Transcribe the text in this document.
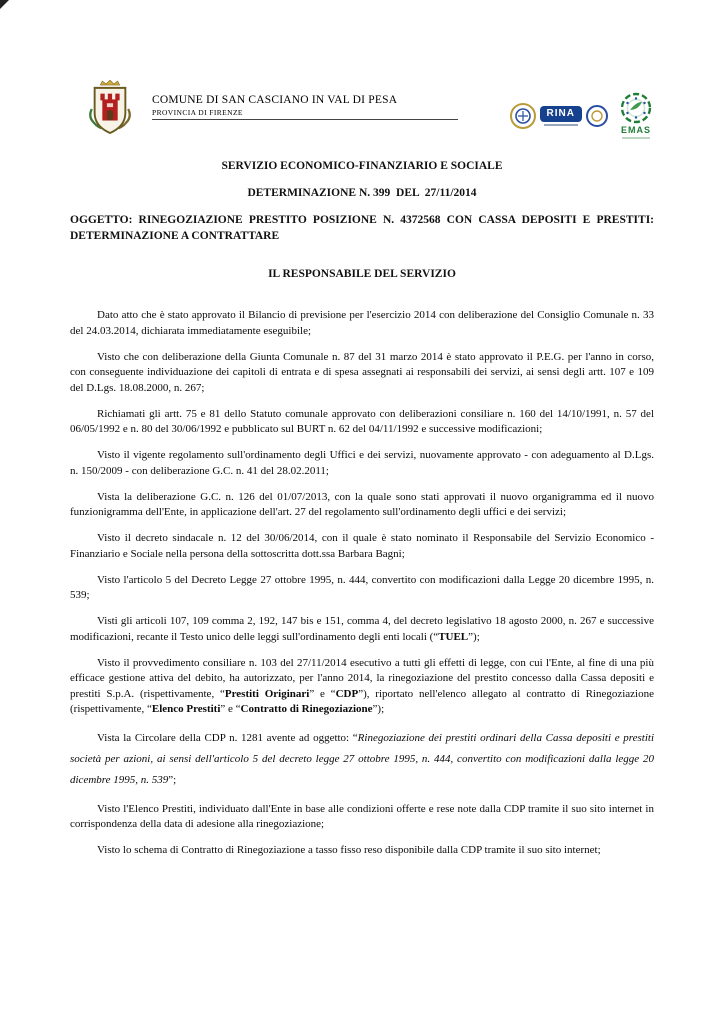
COMUNE DI SAN CASCIANO IN VAL DI PESA
PROVINCIA DI FIRENZE	RINA
EMAS

SERVIZIO ECONOMICO-FINANZIARIO E SOCIALE

DETERMINAZIONE N. 399  DEL  27/11/2014

OGGETTO: RINEGOZIAZIONE PRESTITO POSIZIONE N. 4372568 CON CASSA DEPOSITI E PRESTITI: DETERMINAZIONE A CONTRATTARE

IL RESPONSABILE DEL SERVIZIO

Dato atto che è stato approvato il Bilancio di previsione per l'esercizio 2014 con deliberazione del Consiglio Comunale n. 33 del 24.03.2014, dichiarata immediatamente eseguibile;

Visto che con deliberazione della Giunta Comunale n. 87 del 31 marzo 2014 è stato approvato il P.E.G. per l'anno in corso, con conseguente individuazione dei capitoli di entrata e di spesa assegnati ai responsabili dei servizi, ai sensi degli artt. 107 e 109 del D.Lgs. 18.08.2000, n. 267;

Richiamati gli artt. 75 e 81 dello Statuto comunale approvato con deliberazioni consiliare n. 160 del 14/10/1991, n. 57 del 06/05/1992 e n. 80 del 30/06/1992 e pubblicato sul BURT n. 62 del 04/11/1992 e successive modificazioni;

Visto il vigente regolamento sull'ordinamento degli Uffici e dei servizi, nuovamente approvato - con adeguamento al D.Lgs. n. 150/2009 - con deliberazione G.C. n. 41 del 28.02.2011;

Vista la deliberazione G.C. n. 126 del 01/07/2013, con la quale sono stati approvati il nuovo organigramma ed il nuovo funzionigramma dell'Ente, in applicazione dell'art. 27 del regolamento sull'ordinamento degli uffici e dei servizi;

Visto il decreto sindacale n. 12 del 30/06/2014, con il quale è stato nominato il Responsabile del Servizio Economico - Finanziario e Sociale nella persona della sottoscritta dott.ssa Barbara Bagni;

Visto l'articolo 5 del Decreto Legge 27 ottobre 1995, n. 444, convertito con modificazioni dalla Legge 20 dicembre 1995, n. 539;

Visti gli articoli 107, 109 comma 2, 192, 147 bis e 151, comma 4, del decreto legislativo 18 agosto 2000, n. 267 e successive modificazioni, recante il Testo unico delle leggi sull'ordinamento degli enti locali (“TUEL”);

Visto il provvedimento consiliare n. 103 del 27/11/2014 esecutivo a tutti gli effetti di legge, con cui l'Ente, al fine di una più efficace gestione attiva del debito, ha autorizzato, per l'anno 2014, la rinegoziazione del prestito concesso dalla Cassa depositi e prestiti S.p.A. (rispettivamente, “Prestiti Originari” e “CDP”), riportato nell'elenco allegato al contratto di Rinegoziazione (rispettivamente, “Elenco Prestiti” e “Contratto di Rinegoziazione”);

Vista la Circolare della CDP n. 1281 avente ad oggetto: “Rinegoziazione dei prestiti ordinari della Cassa depositi e prestiti società per azioni, ai sensi dell'articolo 5 del decreto legge 27 ottobre 1995, n. 444, convertito con modificazioni dalla legge 20 dicembre 1995, n. 539”;

Visto l'Elenco Prestiti, individuato dall'Ente in base alle condizioni offerte e rese note dalla CDP tramite il suo sito internet in corrispondenza della data di adesione alla rinegoziazione;

Visto lo schema di Contratto di Rinegoziazione a tasso fisso reso disponibile dalla CDP tramite il suo sito internet;
